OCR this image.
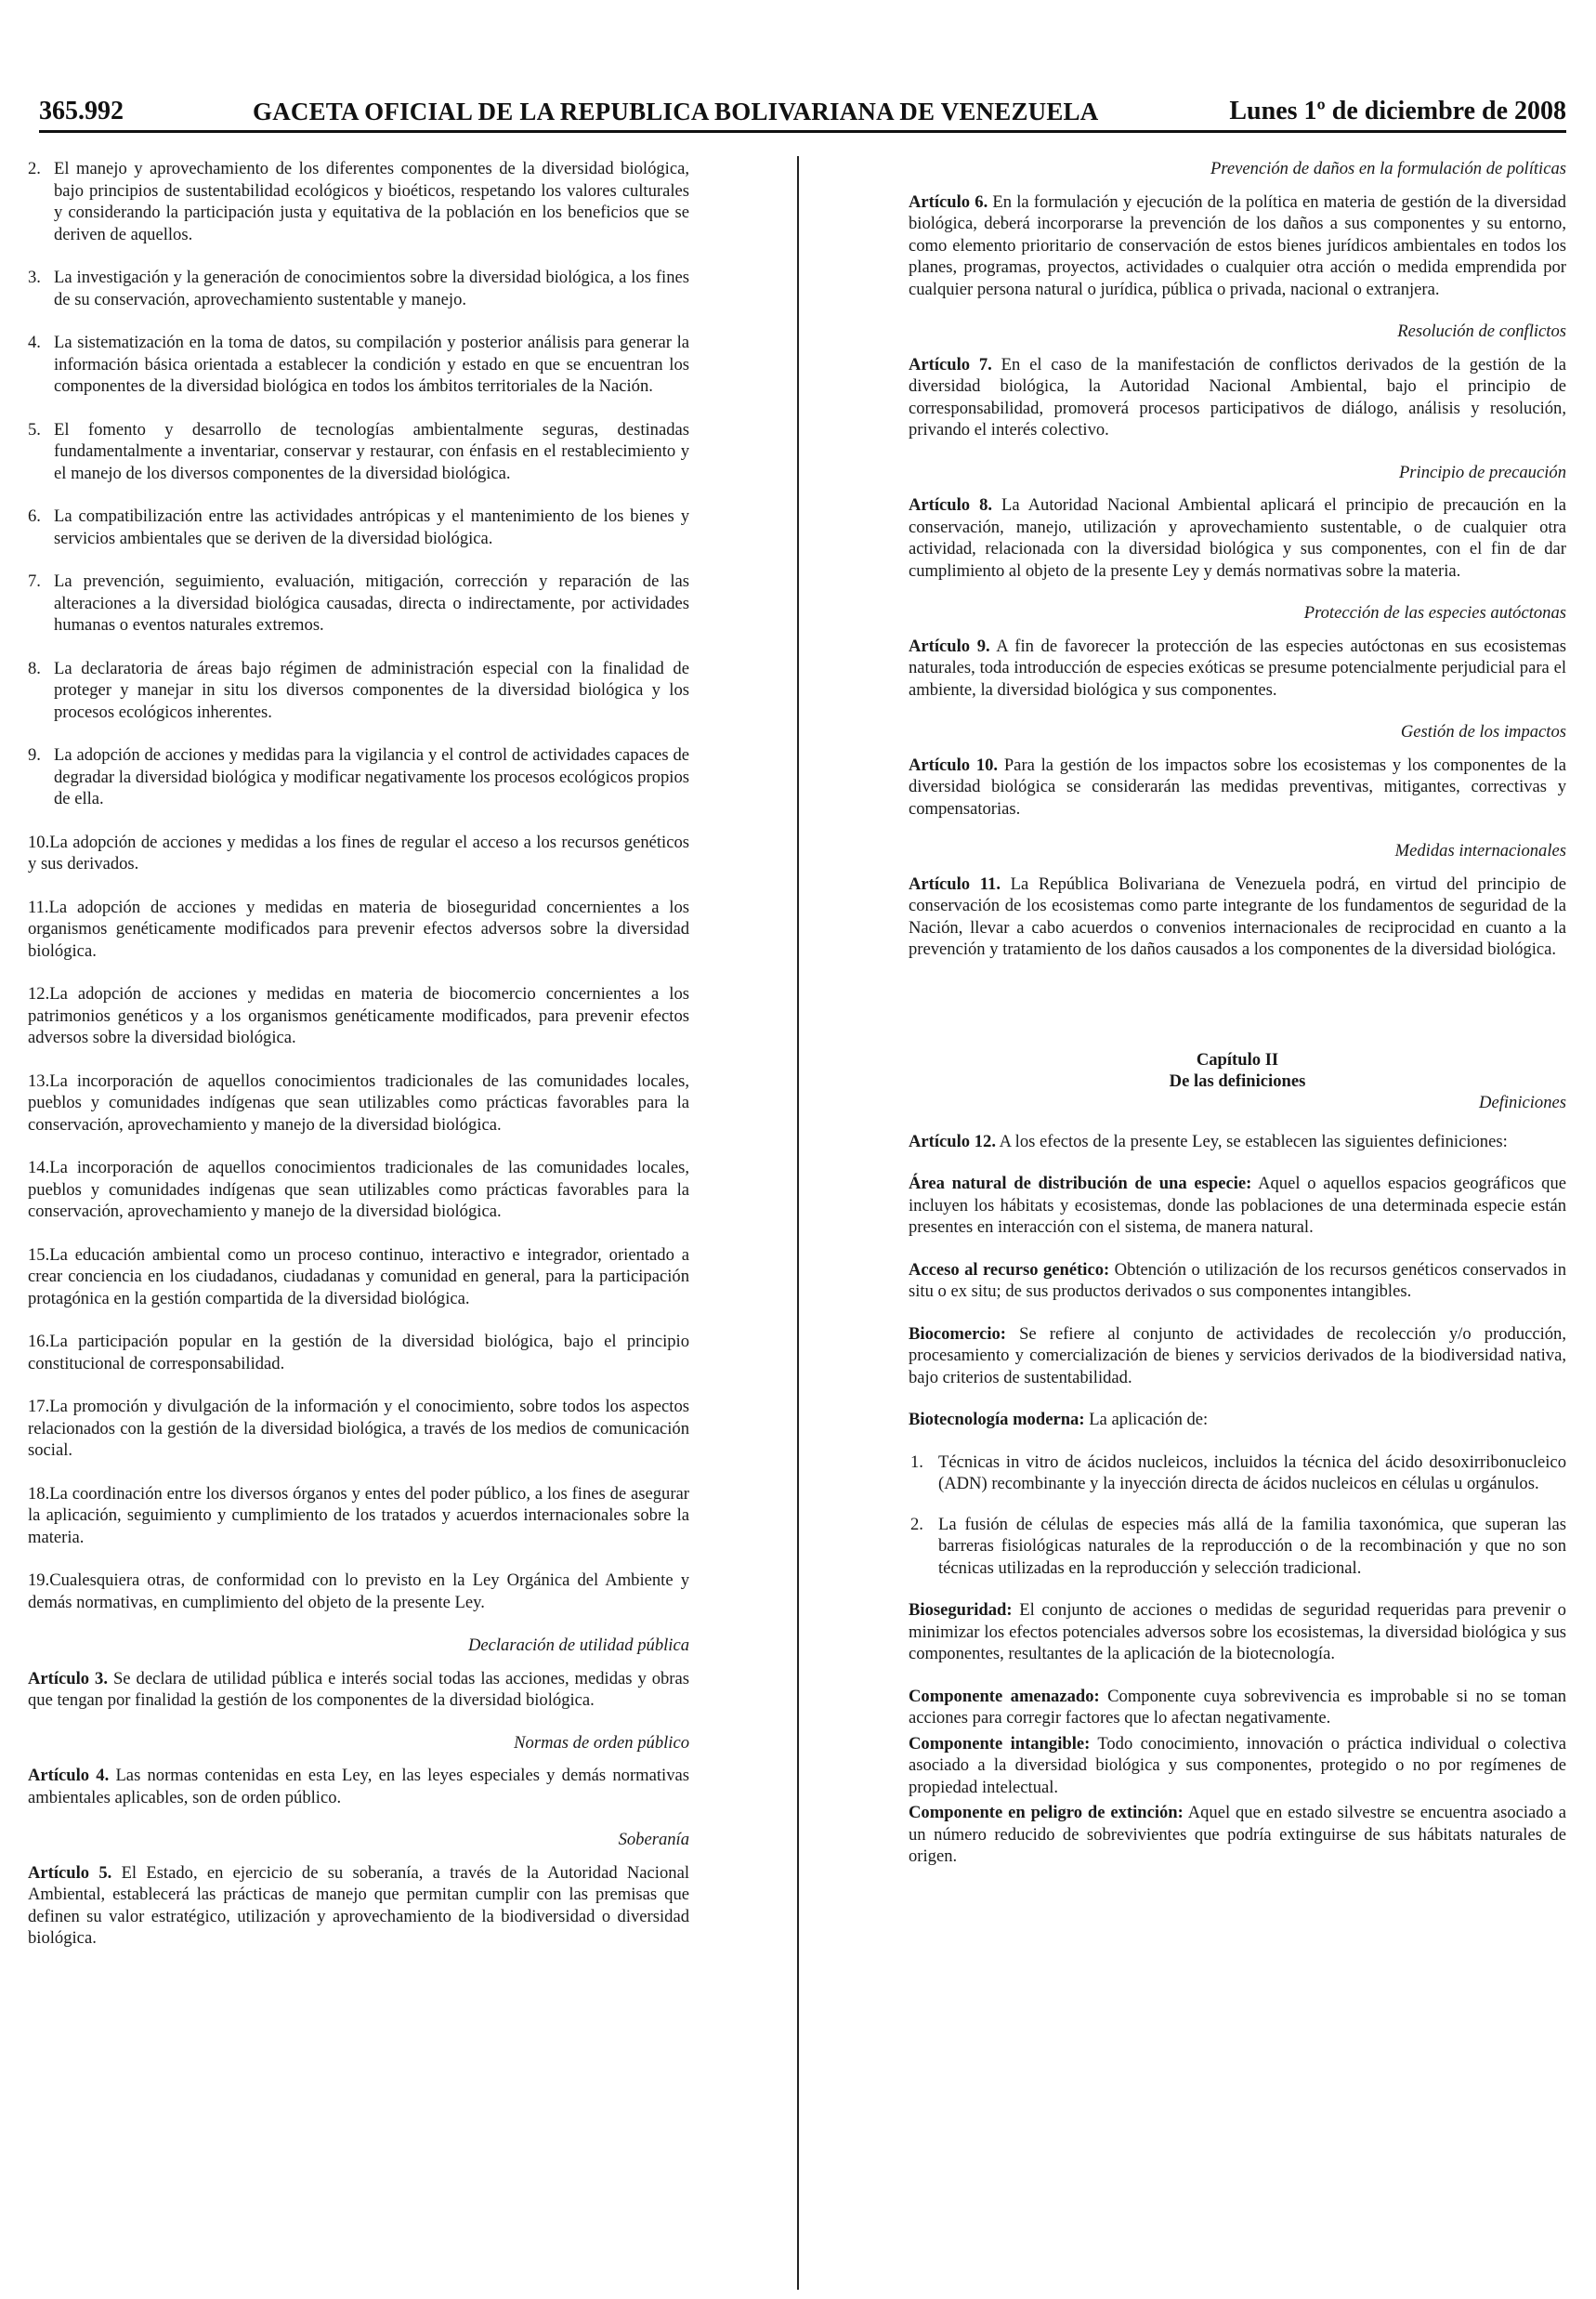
365.992	GACETA OFICIAL DE LA REPUBLICA BOLIVARIANA DE VENEZUELA	Lunes 1º de diciembre de 2008
2. El manejo y aprovechamiento de los diferentes componentes de la diversidad biológica, bajo principios de sustentabilidad ecológicos y bioéticos, respetando los valores culturales y considerando la participación justa y equitativa de la población en los beneficios que se deriven de aquellos.
3. La investigación y la generación de conocimientos sobre la diversidad biológica, a los fines de su conservación, aprovechamiento sustentable y manejo.
4. La sistematización en la toma de datos, su compilación y posterior análisis para generar la información básica orientada a establecer la condición y estado en que se encuentran los componentes de la diversidad biológica en todos los ámbitos territoriales de la Nación.
5. El fomento y desarrollo de tecnologías ambientalmente seguras, destinadas fundamentalmente a inventariar, conservar y restaurar, con énfasis en el restablecimiento y el manejo de los diversos componentes de la diversidad biológica.
6. La compatibilización entre las actividades antrópicas y el mantenimiento de los bienes y servicios ambientales que se deriven de la diversidad biológica.
7. La prevención, seguimiento, evaluación, mitigación, corrección y reparación de las alteraciones a la diversidad biológica causadas, directa o indirectamente, por actividades humanas o eventos naturales extremos.
8. La declaratoria de áreas bajo régimen de administración especial con la finalidad de proteger y manejar in situ los diversos componentes de la diversidad biológica y los procesos ecológicos inherentes.
9. La adopción de acciones y medidas para la vigilancia y el control de actividades capaces de degradar la diversidad biológica y modificar negativamente los procesos ecológicos propios de ella.
10.La adopción de acciones y medidas a los fines de regular el acceso a los recursos genéticos y sus derivados.
11.La adopción de acciones y medidas en materia de bioseguridad concernientes a los organismos genéticamente modificados para prevenir efectos adversos sobre la diversidad biológica.
12.La adopción de acciones y medidas en materia de biocomercio concernientes a los patrimonios genéticos y a los organismos genéticamente modificados, para prevenir efectos adversos sobre la diversidad biológica.
13.La incorporación de aquellos conocimientos tradicionales de las comunidades locales, pueblos y comunidades indígenas que sean utilizables como prácticas favorables para la conservación, aprovechamiento y manejo de la diversidad biológica.
14.La incorporación de aquellos conocimientos tradicionales de las comunidades locales, pueblos y comunidades indígenas que sean utilizables como prácticas favorables para la conservación, aprovechamiento y manejo de la diversidad biológica.
15.La educación ambiental como un proceso continuo, interactivo e integrador, orientado a crear conciencia en los ciudadanos, ciudadanas y comunidad en general, para la participación protagónica en la gestión compartida de la diversidad biológica.
16.La participación popular en la gestión de la diversidad biológica, bajo el principio constitucional de corresponsabilidad.
17.La promoción y divulgación de la información y el conocimiento, sobre todos los aspectos relacionados con la gestión de la diversidad biológica, a través de los medios de comunicación social.
18.La coordinación entre los diversos órganos y entes del poder público, a los fines de asegurar la aplicación, seguimiento y cumplimiento de los tratados y acuerdos internacionales sobre la materia.
19.Cualesquiera otras, de conformidad con lo previsto en la Ley Orgánica del Ambiente y demás normativas, en cumplimiento del objeto de la presente Ley.
Declaración de utilidad pública
Artículo 3. Se declara de utilidad pública e interés social todas las acciones, medidas y obras que tengan por finalidad la gestión de los componentes de la diversidad biológica.
Normas de orden público
Artículo 4. Las normas contenidas en esta Ley, en las leyes especiales y demás normativas ambientales aplicables, son de orden público.
Soberanía
Artículo 5. El Estado, en ejercicio de su soberanía, a través de la Autoridad Nacional Ambiental, establecerá las prácticas de manejo que permitan cumplir con las premisas que definen su valor estratégico, utilización y aprovechamiento de la biodiversidad o diversidad biológica.
Prevención de daños en la formulación de políticas
Artículo 6. En la formulación y ejecución de la política en materia de gestión de la diversidad biológica, deberá incorporarse la prevención de los daños a sus componentes y su entorno, como elemento prioritario de conservación de estos bienes jurídicos ambientales en todos los planes, programas, proyectos, actividades o cualquier otra acción o medida emprendida por cualquier persona natural o jurídica, pública o privada, nacional o extranjera.
Resolución de conflictos
Artículo 7. En el caso de la manifestación de conflictos derivados de la gestión de la diversidad biológica, la Autoridad Nacional Ambiental, bajo el principio de corresponsabilidad, promoverá procesos participativos de diálogo, análisis y resolución, privando el interés colectivo.
Principio de precaución
Artículo 8. La Autoridad Nacional Ambiental aplicará el principio de precaución en la conservación, manejo, utilización y aprovechamiento sustentable, o de cualquier otra actividad, relacionada con la diversidad biológica y sus componentes, con el fin de dar cumplimiento al objeto de la presente Ley y demás normativas sobre la materia.
Protección de las especies autóctonas
Artículo 9. A fin de favorecer la protección de las especies autóctonas en sus ecosistemas naturales, toda introducción de especies exóticas se presume potencialmente perjudicial para el ambiente, la diversidad biológica y sus componentes.
Gestión de los impactos
Artículo 10. Para la gestión de los impactos sobre los ecosistemas y los componentes de la diversidad biológica se considerarán las medidas preventivas, mitigantes, correctivas y compensatorias.
Medidas internacionales
Artículo 11. La República Bolivariana de Venezuela podrá, en virtud del principio de conservación de los ecosistemas como parte integrante de los fundamentos de seguridad de la Nación, llevar a cabo acuerdos o convenios internacionales de reciprocidad en cuanto a la prevención y tratamiento de los daños causados a los componentes de la diversidad biológica.
Capítulo II
De las definiciones
Definiciones
Artículo 12. A los efectos de la presente Ley, se establecen las siguientes definiciones:
Área natural de distribución de una especie: Aquel o aquellos espacios geográficos que incluyen los hábitats y ecosistemas, donde las poblaciones de una determinada especie están presentes en interacción con el sistema, de manera natural.
Acceso al recurso genético: Obtención o utilización de los recursos genéticos conservados in situ o ex situ; de sus productos derivados o sus componentes intangibles.
Biocomercio: Se refiere al conjunto de actividades de recolección y/o producción, procesamiento y comercialización de bienes y servicios derivados de la biodiversidad nativa, bajo criterios de sustentabilidad.
Biotecnología moderna: La aplicación de:
1. Técnicas in vitro de ácidos nucleicos, incluidos la técnica del ácido desoxirribonucleico (ADN) recombinante y la inyección directa de ácidos nucleicos en células u orgánulos.
2. La fusión de células de especies más allá de la familia taxonómica, que superan las barreras fisiológicas naturales de la reproducción o de la recombinación y que no son técnicas utilizadas en la reproducción y selección tradicional.
Bioseguridad: El conjunto de acciones o medidas de seguridad requeridas para prevenir o minimizar los efectos potenciales adversos sobre los ecosistemas, la diversidad biológica y sus componentes, resultantes de la aplicación de la biotecnología.
Componente amenazado: Componente cuya sobrevivencia es improbable si no se toman acciones para corregir factores que lo afectan negativamente.
Componente intangible: Todo conocimiento, innovación o práctica individual o colectiva asociado a la diversidad biológica y sus componentes, protegido o no por regímenes de propiedad intelectual.
Componente en peligro de extinción: Aquel que en estado silvestre se encuentra asociado a un número reducido de sobrevivientes que podría extinguirse de sus hábitats naturales de origen.
